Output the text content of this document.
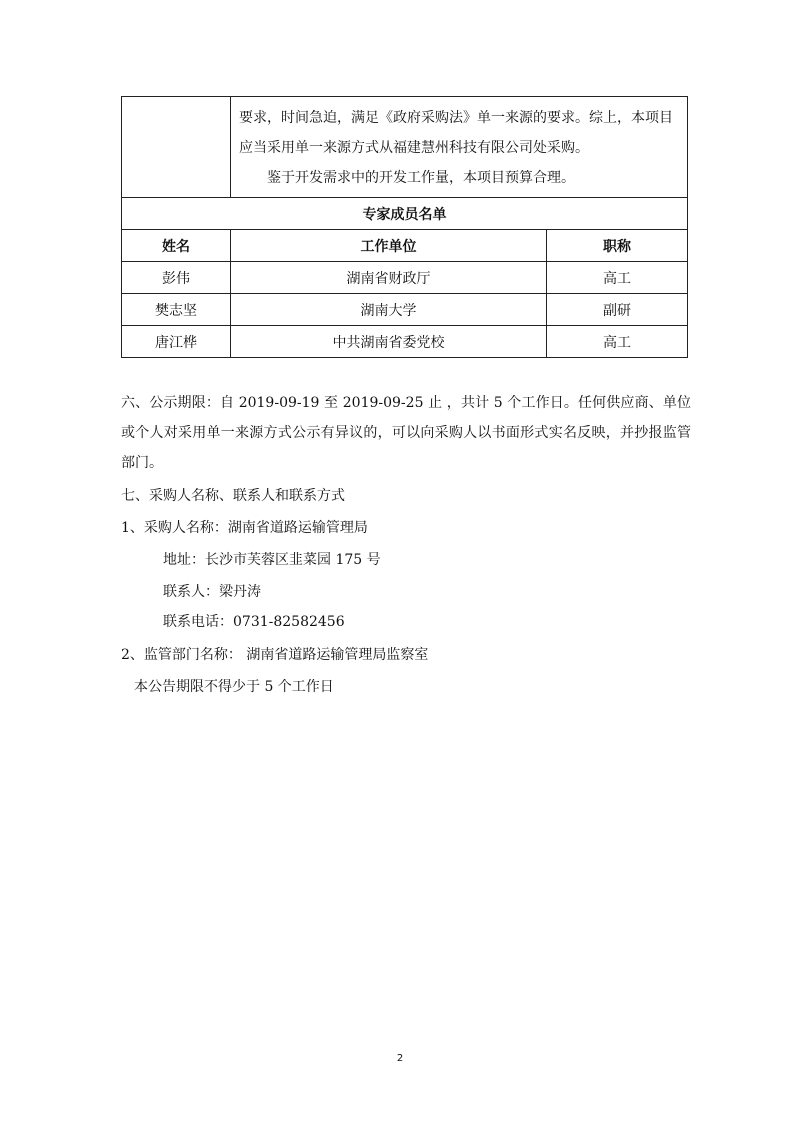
	要求，时间急迫，满足《政府采购法》单一来源的要求。综上，本项目

应当采用单一来源方式从福建慧州科技有限公司处采购。

鉴于开发需求中的开发工作量，本项目预算合理。	

专家成员名单		
姓名	工作单位	职称
彭伟	湖南省财政厅	高工
樊志坚	湖南大学	副研
唐江桦	中共湖南省委党校	高工

六、公示期限：自 2019-09-19 至 2019-09-25 止 ，共计 5 个工作日。任何供应商、单位或个人对采用单一来源方式公示有异议的，可以向采购人以书面形式实名反映，并抄报监管部门。

七、采购人名称、联系人和联系方式

1、采购人名称：湖南省道路运输管理局

地址：长沙市芙蓉区韭菜园 175 号

联系人：梁丹涛

联系电话：0731-82582456

2、监管部门名称： 湖南省道路运输管理局监察室

本公告期限不得少于 5 个工作日

2
